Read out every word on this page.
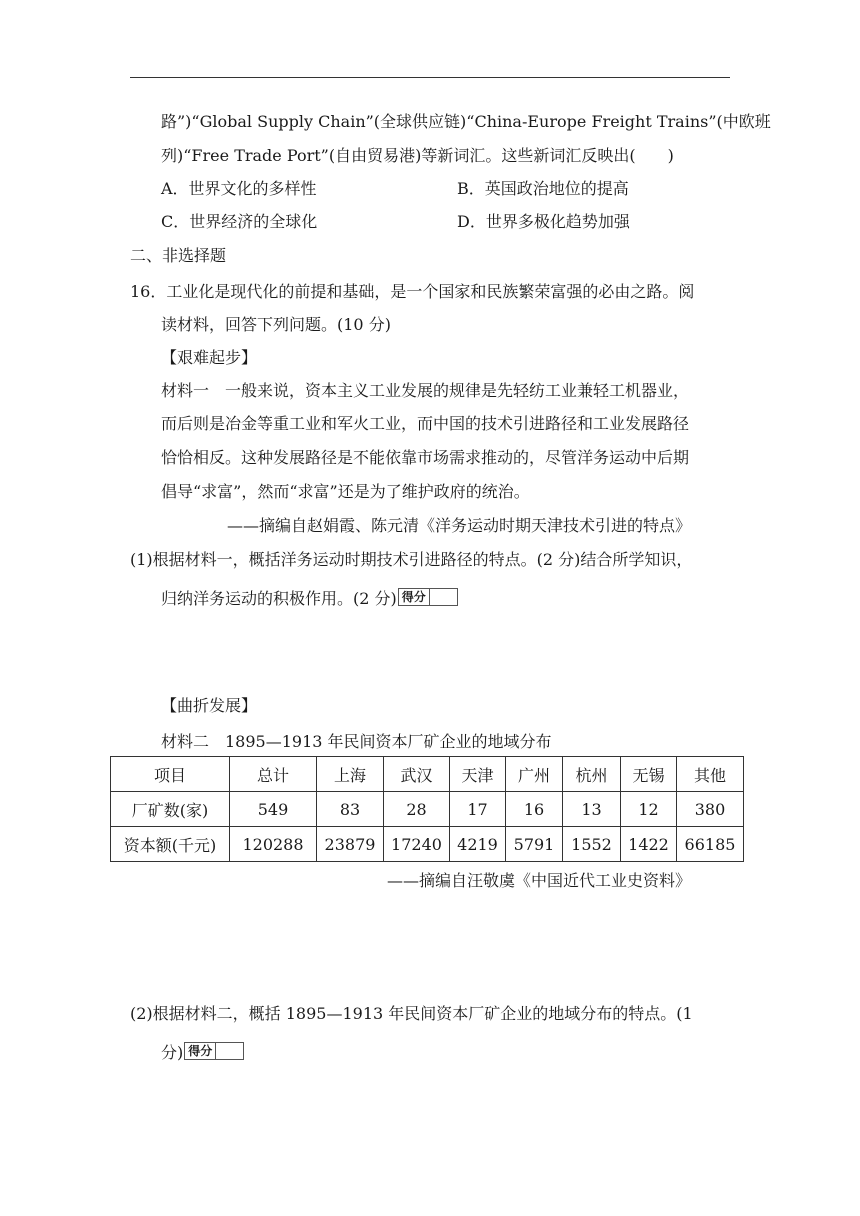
路”)“Global Supply Chain”(全球供应链)“China-Europe Freight Trains”(中欧班
列)“Free Trade Port”(自由贸易港)等新词汇。这些新词汇反映出(　　)
A．世界文化的多样性	B．英国政治地位的提高
C．世界经济的全球化	D．世界多极化趋势加强
二、非选择题
16．工业化是现代化的前提和基础，是一个国家和民族繁荣富强的必由之路。阅
读材料，回答下列问题。(10 分)
【艰难起步】
材料一　一般来说，资本主义工业发展的规律是先轻纺工业兼轻工机器业，
而后则是冶金等重工业和军火工业，而中国的技术引进路径和工业发展路径
恰恰相反。这种发展路径是不能依靠市场需求推动的，尽管洋务运动中后期
倡导“求富”，然而“求富”还是为了维护政府的统治。
——摘编自赵娟霞、陈元清《洋务运动时期天津技术引进的特点》
(1)根据材料一，概括洋务运动时期技术引进路径的特点。(2 分)结合所学知识，
归纳洋务运动的积极作用。(2 分) 得分
【曲折发展】
材料二　1895—1913 年民间资本厂矿企业的地域分布
项目	总计	上海	武汉	天津	广州	杭州	无锡	其他
厂矿数(家)	549	83	28	17	16	13	12	380
资本额(千元)	120288	23879	17240	4219	5791	1552	1422	66185
——摘编自汪敬虞《中国近代工业史资料》
(2)根据材料二，概括 1895—1913 年民间资本厂矿企业的地域分布的特点。(1
分) 得分
